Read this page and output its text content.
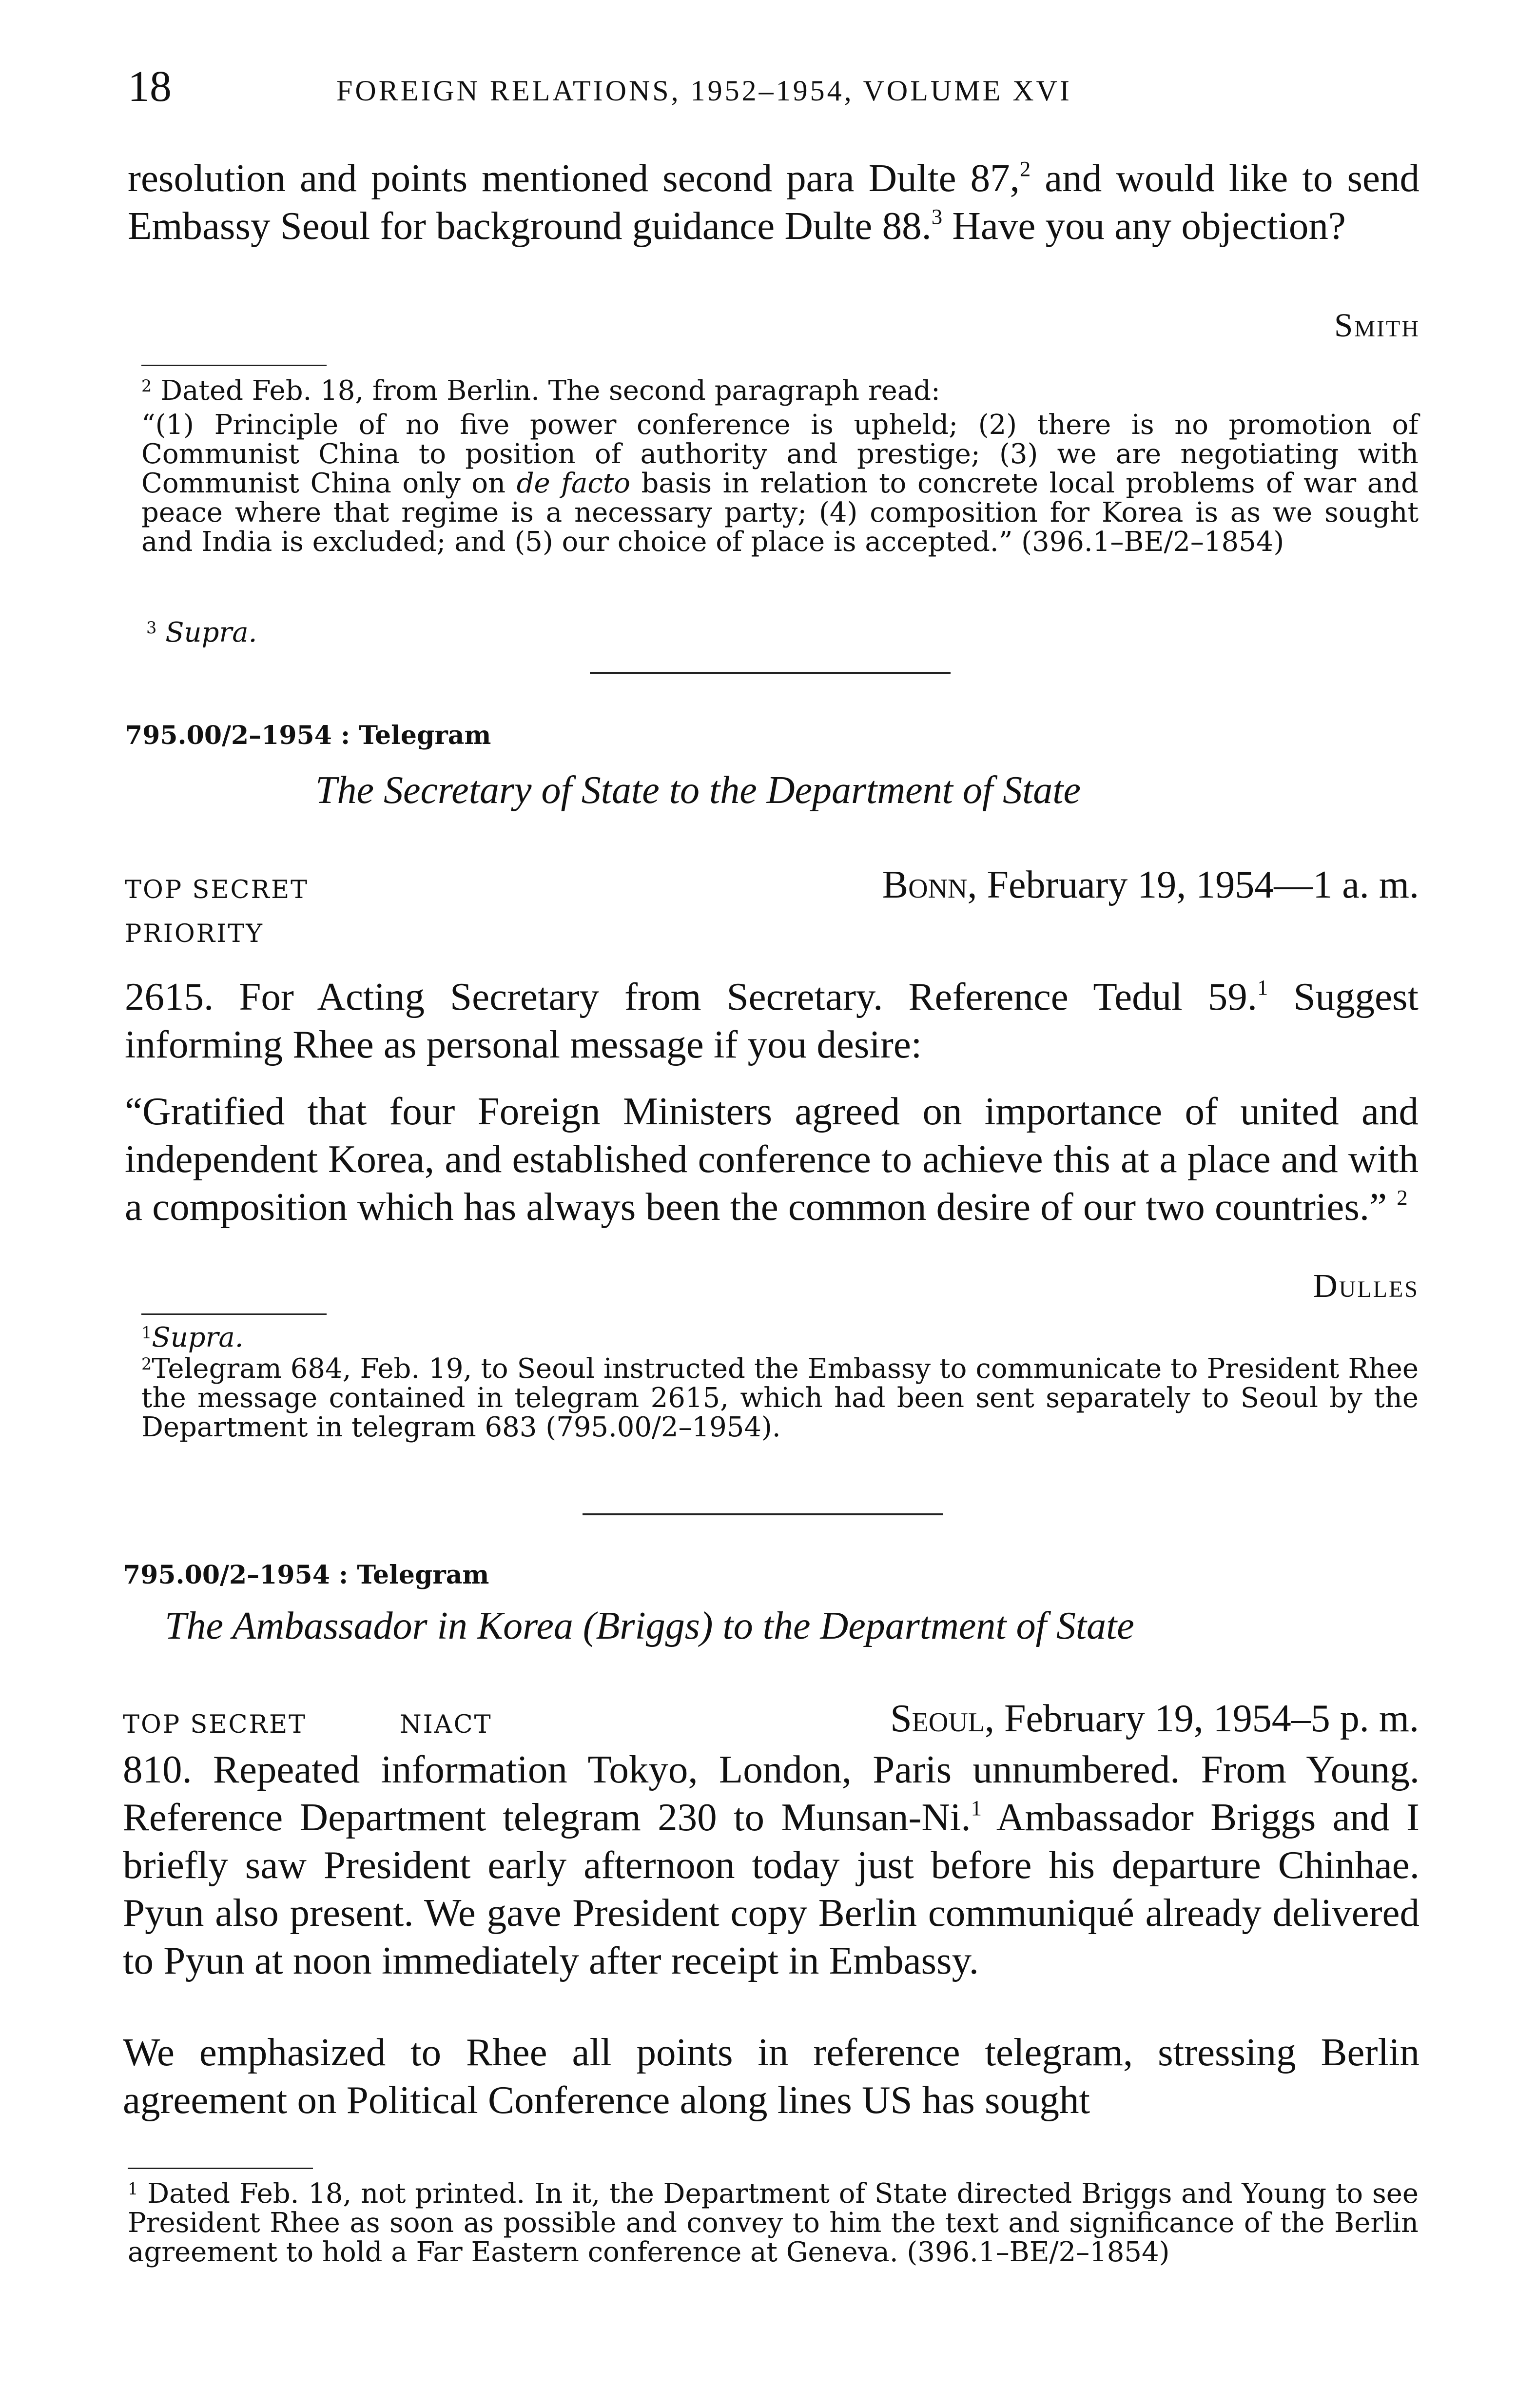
18	FOREIGN RELATIONS, 1952–1954, VOLUME XVI

resolution and points mentioned second para Dulte 87,$^2$ and would like to send Embassy Seoul for background guidance Dulte 88.$^3$ Have you any objection?

Smith

$^2$ Dated Feb. 18, from Berlin. The second paragraph read:

“(1) Principle of no five power conference is upheld; (2) there is no promotion of Communist China to position of authority and prestige; (3) we are negotiating with Communist China only on de facto basis in relation to concrete local problems of war and peace where that regime is a necessary party; (4) composition for Korea is as we sought and India is excluded; and (5) our choice of place is accepted.” (396.1–BE/2–1854)

$^3$ Supra.

795.00/2–1954 : Telegram
The Secretary of State to the Department of State
TOP SECRET
PRIORITY
Bonn, February 19, 1954—1 a. m.

2615. For Acting Secretary from Secretary. Reference Tedul 59.$^1$ Suggest informing Rhee as personal message if you desire:

“Gratified that four Foreign Ministers agreed on importance of united and independent Korea, and established conference to achieve this at a place and with a composition which has always been the common desire of our two countries.” $^2$

Dulles

$^1$Supra.

$^2$Telegram 684, Feb. 19, to Seoul instructed the Embassy to communicate to President Rhee the message contained in telegram 2615, which had been sent separately to Seoul by the Department in telegram 683 (795.00/2–1954).

795.00/2–1954 : Telegram
The Ambassador in Korea (Briggs) to the Department of State
TOP SECRET	NIACT	Seoul, February 19, 1954–5 p. m.

810. Repeated information Tokyo, London, Paris unnumbered. From Young. Reference Department telegram 230 to Munsan-Ni.$^1$ Ambassador Briggs and I briefly saw President early afternoon today just before his departure Chinhae. Pyun also present. We gave President copy Berlin communiqué already delivered to Pyun at noon immediately after receipt in Embassy.

We emphasized to Rhee all points in reference telegram, stressing Berlin agreement on Political Conference along lines US has sought

$^1$ Dated Feb. 18, not printed. In it, the Department of State directed Briggs and Young to see President Rhee as soon as possible and convey to him the text and significance of the Berlin agreement to hold a Far Eastern conference at Geneva. (396.1–BE/2–1854)
